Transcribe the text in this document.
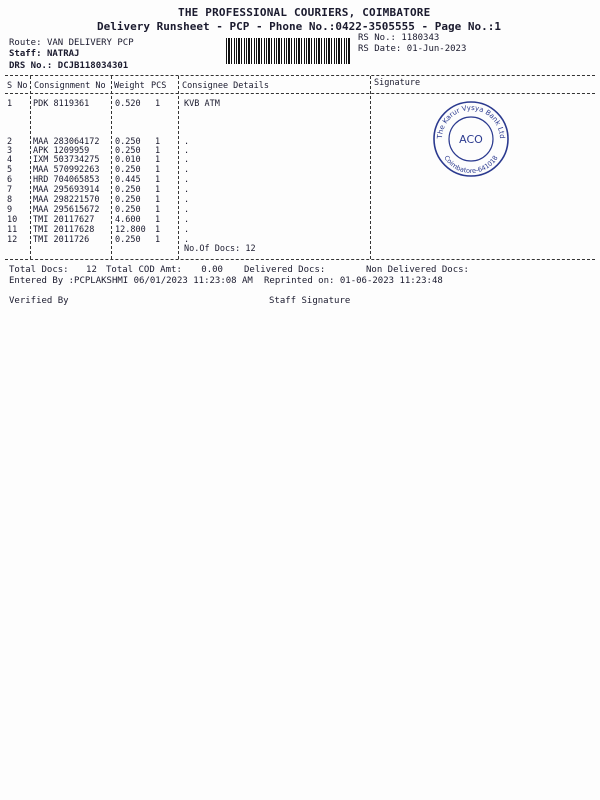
THE PROFESSIONAL COURIERS, COIMBATORE
Delivery Runsheet - PCP - Phone No.:0422-3505555 - Page No.:1
Route: VAN DELIVERY PCP
Staff: NATRAJ
DRS No.: DCJB118034301
RS No.: 1180343
RS Date: 01-Jun-2023
S No Consignment No Weight PCS Consignee Details	Signature
1 PDK 8119361	0.520 1	KVB ATM
2 MAA 283064172 0.250 1	.
3 APK 1209959	0.250 1	.
4 IXM 503734275 0.010 1	.
5 MAA 570992263 0.250 1	.
6 HRD 704065853 0.445 1	.
7 MAA 295693914 0.250 1	.
8 MAA 298221570 0.250 1	.
9 MAA 295615672 0.250 1	.
10 TMI 20117627 4.600 1	.
11 TMI 20117628 12.800 1	.
12 TMI 2011726	0.250 1	.
No.Of Docs: 12
The Karur Vysya Bank Ltd
Coimbatore-641018
ACO
Total Docs: 12 Total COD Amt: 0.00 Delivered Docs:	Non Delivered Docs:
Entered By :PCPLAKSHMI 06/01/2023 11:23:08 AM Reprinted on: 01-06-2023 11:23:48
Verified By	Staff Signature
